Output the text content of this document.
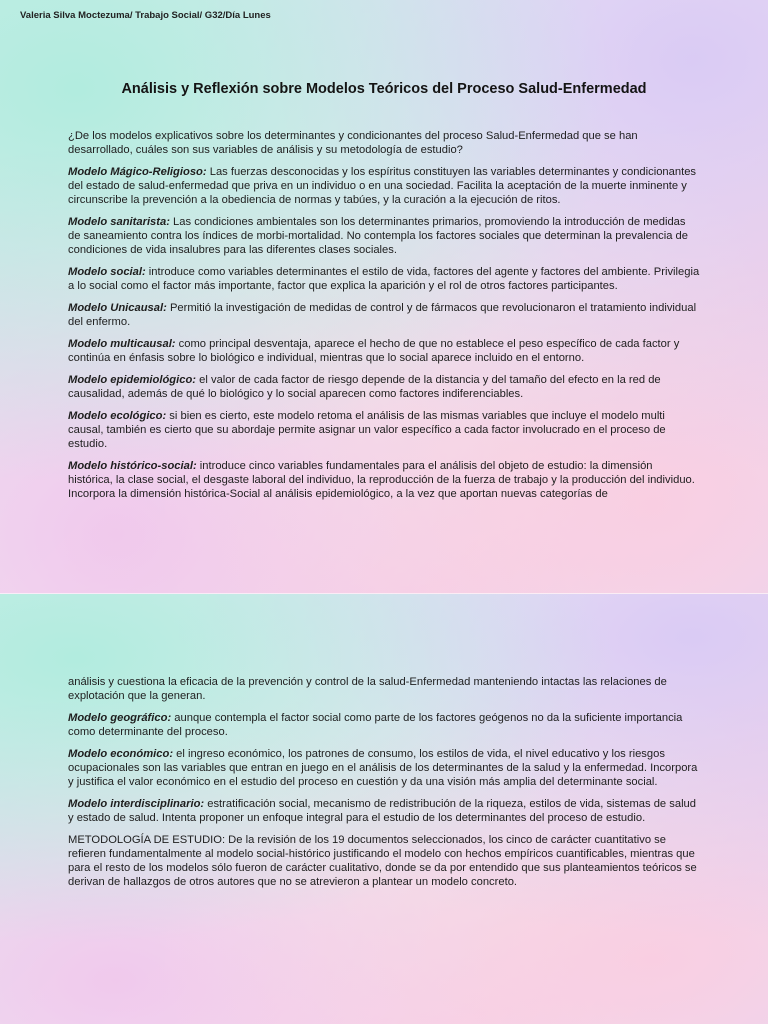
Valeria Silva Moctezuma/ Trabajo Social/ G32/Día Lunes
Análisis y Reflexión sobre Modelos Teóricos del Proceso Salud-Enfermedad

¿De los modelos explicativos sobre los determinantes y condicionantes del proceso Salud-Enfermedad que se han desarrollado, cuáles son sus variables de análisis y su metodología de estudio?

Modelo Mágico-Religioso: Las fuerzas desconocidas y los espíritus constituyen las variables determinantes y condicionantes del estado de salud-enfermedad que priva en un individuo o en una sociedad. Facilita la aceptación de la muerte inminente y circunscribe la prevención a la obediencia de normas y tabúes, y la curación a la ejecución de ritos.

Modelo sanitarista: Las condiciones ambientales son los determinantes primarios, promoviendo la introducción de medidas de saneamiento contra los índices de morbi-mortalidad. No contempla los factores sociales que determinan la prevalencia de condiciones de vida insalubres para las diferentes clases sociales.

Modelo social: introduce como variables determinantes el estilo de vida, factores del agente y factores del ambiente. Privilegia a lo social como el factor más importante, factor que explica la aparición y el rol de otros factores participantes.

Modelo Unicausal: Permitió la investigación de medidas de control y de fármacos que revolucionaron el tratamiento individual del enfermo.

Modelo multicausal: como principal desventaja, aparece el hecho de que no establece el peso específico de cada factor y continúa en énfasis sobre lo biológico e individual, mientras que lo social aparece incluido en el entorno.

Modelo epidemiológico: el valor de cada factor de riesgo depende de la distancia y del tamaño del efecto en la red de causalidad, además de qué lo biológico y lo social aparecen como factores indiferenciables.

Modelo ecológico: si bien es cierto, este modelo retoma el análisis de las mismas variables que incluye el modelo multi causal, también es cierto que su abordaje permite asignar un valor específico a cada factor involucrado en el proceso de estudio.

Modelo histórico-social: introduce cinco variables fundamentales para el análisis del objeto de estudio: la dimensión histórica, la clase social, el desgaste laboral del individuo, la reproducción de la fuerza de trabajo y la producción del individuo. Incorpora la dimensión histórica-Social al análisis epidemiológico, a la vez que aportan nuevas categorías de

análisis y cuestiona la eficacia de la prevención y control de la salud-Enfermedad manteniendo intactas las relaciones de explotación que la generan.

Modelo geográfico: aunque contempla el factor social como parte de los factores geógenos no da la suficiente importancia como determinante del proceso.

Modelo económico: el ingreso económico, los patrones de consumo, los estilos de vida, el nivel educativo y los riesgos ocupacionales son las variables que entran en juego en el análisis de los determinantes de la salud y la enfermedad. Incorpora y justifica el valor económico en el estudio del proceso en cuestión y da una visión más amplia del determinante social.

Modelo interdisciplinario: estratificación social, mecanismo de redistribución de la riqueza, estilos de vida, sistemas de salud y estado de salud. Intenta proponer un enfoque integral para el estudio de los determinantes del proceso de estudio.

METODOLOGÍA DE ESTUDIO: De la revisión de los 19 documentos seleccionados, los cinco de carácter cuantitativo se refieren fundamentalmente al modelo social-histórico justificando el modelo con hechos empíricos cuantificables, mientras que para el resto de los modelos sólo fueron de carácter cualitativo, donde se da por entendido que sus planteamientos teóricos se derivan de hallazgos de otros autores que no se atrevieron a plantear un modelo concreto.
